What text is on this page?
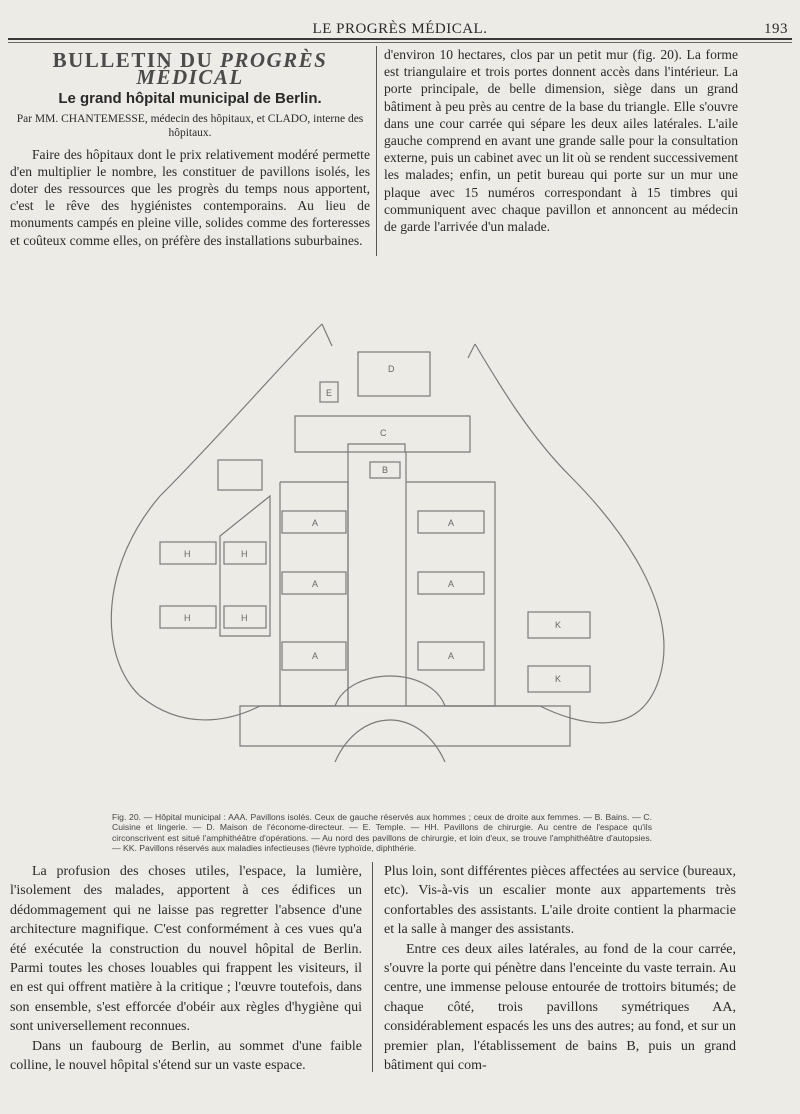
LE PROGRÈS MÉDICAL.	193
BULLETIN DU PROGRÈS MÉDICAL
Le grand hôpital municipal de Berlin.
Par MM. CHANTEMESSE, médecin des hôpitaux, et CLADO, interne des hôpitaux.

Faire des hôpitaux dont le prix relativement modéré permette d'en multiplier le nombre, les constituer de pavillons isolés, les doter des ressources que les progrès du temps nous apportent, c'est le rêve des hygiénistes contemporains. Au lieu de monuments campés en pleine ville, solides comme des forteresses et coûteux comme elles, on préfère des installations suburbaines.

d'environ 10 hectares, clos par un petit mur (fig. 20). La forme est triangulaire et trois portes donnent accès dans l'intérieur. La porte principale, de belle dimension, siège dans un grand bâtiment à peu près au centre de la base du triangle. Elle s'ouvre dans une cour carrée qui sépare les deux ailes latérales. L'aile gauche comprend en avant une grande salle pour la consultation externe, puis un cabinet avec un lit où se rendent successivement les malades; enfin, un petit bureau qui porte sur un mur une plaque avec 15 numéros correspondant à 15 timbres qui communiquent avec chaque pavillon et annoncent au médecin de garde l'arrivée d'un malade.

D
E
C
B
A
A
A
A
A
A
H
H
H
H
K
K
Fig. 20. — Hôpital municipal : AAA. Pavillons isolés. Ceux de gauche réservés aux hommes ; ceux de droite aux femmes. — B. Bains. — C. Cuisine et lingerie. — D. Maison de l'économe-directeur. — E. Temple. — HH. Pavillons de chirurgie. Au centre de l'espace qu'ils circonscrivent est situé l'amphithéâtre d'opérations. — Au nord des pavillons de chirurgie, et loin d'eux, se trouve l'amphithéâtre d'autopsies. — KK. Pavillons réservés aux maladies infectieuses (fièvre typhoïde, diphthérie.

La profusion des choses utiles, l'espace, la lumière, l'isolement des malades, apportent à ces édifices un dédommagement qui ne laisse pas regretter l'absence d'une architecture magnifique. C'est conformément à ces vues qu'a été exécutée la construction du nouvel hôpital de Berlin. Parmi toutes les choses louables qui frappent les visiteurs, il en est qui offrent matière à la critique ; l'œuvre toutefois, dans son ensemble, s'est efforcée d'obéir aux règles d'hygiène qui sont universellement reconnues.

Dans un faubourg de Berlin, au sommet d'une faible colline, le nouvel hôpital s'étend sur un vaste espace.

Plus loin, sont différentes pièces affectées au service (bureaux, etc). Vis-à-vis un escalier monte aux appartements très confortables des assistants. L'aile droite contient la pharmacie et la salle à manger des assistants.

Entre ces deux ailes latérales, au fond de la cour carrée, s'ouvre la porte qui pénètre dans l'enceinte du vaste terrain. Au centre, une immense pelouse entourée de trottoirs bitumés; de chaque côté, trois pavillons symétriques AA, considérablement espacés les uns des autres; au fond, et sur un premier plan, l'établissement de bains B, puis un grand bâtiment qui com-
